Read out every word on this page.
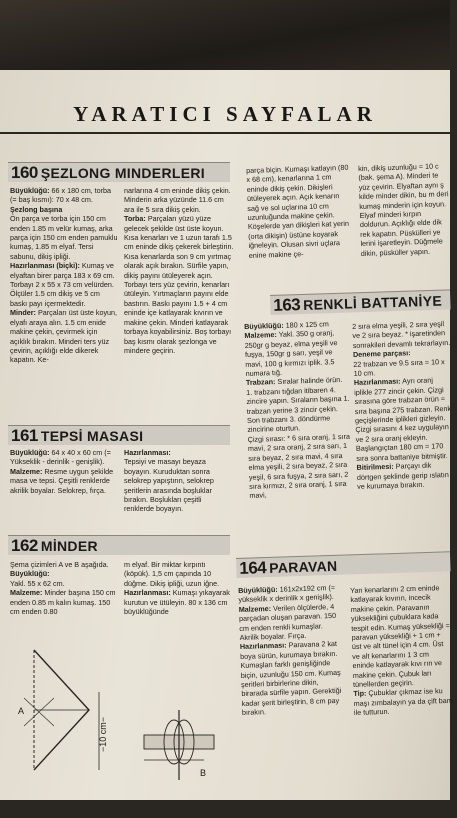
YARATICI SAYFALAR
160 ŞEZLONG MINDERLERI

Büyüklüğü: 66 x 180 cm, torba (= baş kısmı): 70 x 48 cm.

Şezlong başına

Ön parça ve torba için 150 cm enden 1.85 m velür kumaş, arka parça için 150 cm enden pamuklu kumaş, 1.85 m elyaf. Tersi sabunu, dikiş ipliği.

Hazırlanması (biçki): Kumaş ve elyaftan birer parça 183 x 69 cm. Torbayı 2 x 55 x 73 cm velürden. Ölçüler 1.5 cm dikiş ve 5 cm baskı payı içermektedir.

Minder: Parçaları üst üste koyun, elyafı araya alın. 1.5 cm enide makine çekin, çevirmek için açıklık bırakın. Minderi ters yüz çevirin, açıklığı elde dikerek kapatın. Ke-

narlarına 4 cm eninde dikiş çekin. Minderin arka yüzünde 11.6 cm ara ile 5 sıra dikiş çekin.

Torba: Parçaları yüzü yüze gelecek şekilde üst üste koyun. Kısa kenarları ve 1 uzun tarafı 1.5 cm eninde dikiş çekerek birleştirin. Kısa kenarlarda son 9 cm yırtmaç olarak açık bırakın. Sürfile yapın, dikiş payını ütüleyerek açın. Torbayı ters yüz çevirin, kenarları ütüleyin. Yırtmaçların payını elde bastırın. Baskı payını 1.5 + 4 cm eninde içe katlayarak kıvırın ve makine çekin. Minderi katlayarak torbaya koyabilirsiniz. Boş torbayı baş kısmı olarak şezlonga ve mindere geçirin.

parça biçin. Kumaşı katlayın (80 x 68 cm), kenarlarına 1 cm eninde dikiş çekin. Dikişleri ütüleyerek açın. Açık kenarın sağ ve sol uçlarına 10 cm uzunluğunda makine çekin. Köşelerde yan dikişleri kat yerin (orta dikişin) üstüne koyarak iğneleyin. Olusan sivri uçlara enine makine çe-

kin, dikiş uzunluğu = 10 c (bak. şema A). Minderi te yüz çevirin. Elyaftan aynı ş kilde minder dikin, bu m deri kumaş minderin için koyun. Elyaf minderi kırpın doldurun. Açıklığı elde dik rek kapatın. Püskülleri ye lerini işaretleyin. Düğmele dikin, püsküller yapın.

163 RENKLİ BATTANİYE

Büyüklüğü: 180 x 125 cm

Malzeme: Yakl. 350 g oranj, 250gr g beyaz, elma yeşili ve fuşya, 150gr g sarı, yeşil ve mavi, 100 g kırmızı iplik. 3.5 numara tığ.

Trabzan: Sıralar halinde örün. 1. trabzanı tığdan itibaren 4. zincire yapın. Sıraların başına 1. trabzan yerine 3 zincir çekin. Son trabzanı 3. döndürme zincirine oturtun.

Çizgi sırası: * 6 sıra oranj, 1 sıra mavi, 2 sıra oranj, 2 sıra sarı, 1 sıra beyaz, 2 sıra mavi, 4 sıra elma yeşili, 2 sıra beyaz, 2 sıra yeşil, 6 sıra fuşya, 2 sıra sarı, 2 sıra kırmızı, 2 sıra oranj, 1 sıra mavi,

2 sıra elma yeşili, 2 sıra yeşil ve 2 sıra beyaz. * işaretinden sonrakileri devamlı tekrarlayın.

Deneme parçası:

22 trabzan ve 9.5 sıra = 10 x 10 cm.

Hazırlanması: Ayrı oranj iplikle 277 zincir çekin. Çizgi sırasına göre trabzan örün = sıra başına 275 trabzan. Renk geçişlerinde iplikleri gizleyin. Çizgi sırasını 4 kez uygulayın ve 2 sıra oranj ekleyin. Başlangıçtan 180 cm = 170 sıra sonra battaniye bitmiştir.

Bitirilmesi: Parçayı dik dörtgen şeklinde gerip ıslatın ve kurumaya bırakın.

161 TEPSİ MASASI

Büyüklüğü: 64 x 40 x 60 cm (= Yükseklik - derinlik - genişlik).

Malzeme: Resme uygun şekilde masa ve tepsi. Çeşitli renklerde akrilik boyalar. Selokrep, fırça.

Hazırlanması:

Tepsiyi ve masayı beyaza boyayın. Kuruduktan sonra selokrep yapıştırın, selokrep şeritlerin arasında boşluklar bırakın. Boşlukları çeşitli renklerde boyayın.

162 MİNDER

Şema çizimleri A ve B aşağıda.

Büyüklüğü:

Yakl. 55 x 62 cm.

Malzeme: Minder başına 150 cm enden 0.85 m kalın kumaş. 150 cm enden 0.80

m elyaf. Bir miktar kırpıntı (köpük). 1,5 cm çapında 10 düğme. Dikiş ipliği, uzun iğne.

Hazırlanması: Kumaşı yıkayarak kurutun ve ütüleyin. 80 x 136 cm büyüklüğünde

A
−10 cm−
B
164 PARAVAN

Büyüklüğü: 161x2x192 cm (= yükseklik x derinlik x genişlik).

Malzeme: Verilen ölçülerde, 4 parçadan oluşan paravan. 150 cm enden renkli kumaşlar. Akrilik boyalar. Fırça.

Hazırlanması: Paravana 2 kat boya sürün, kurumaya bırakın. Kumaşları farklı genişliğinde biçin, uzunluğu 150 cm. Kumaş şeritleri birbirlerine dikin, birarada sürfile yapın. Gerektiği kadar şerit birleştirin, 8 cm pay bırakın.

Yan kenarlarını 2 cm eninde katlayarak kıvırın, incecik makine çekin. Paravanın yüksekliğini çubuklara kada tespit edin. Kumaş yüksekliği = paravan yüksekliği + 1 cm + üst ve alt tünel için 4 cm. Üst ve alt kenarlarını 1 3 cm eninde katlayarak kıvı rın ve makine çekin. Çubuk ları tünellerden geçirin.

Tip: Çubuklar çıkmaz ise ku maşı zımbalayın ya da çift bant ile tutturun.

36 burda 7/2001
